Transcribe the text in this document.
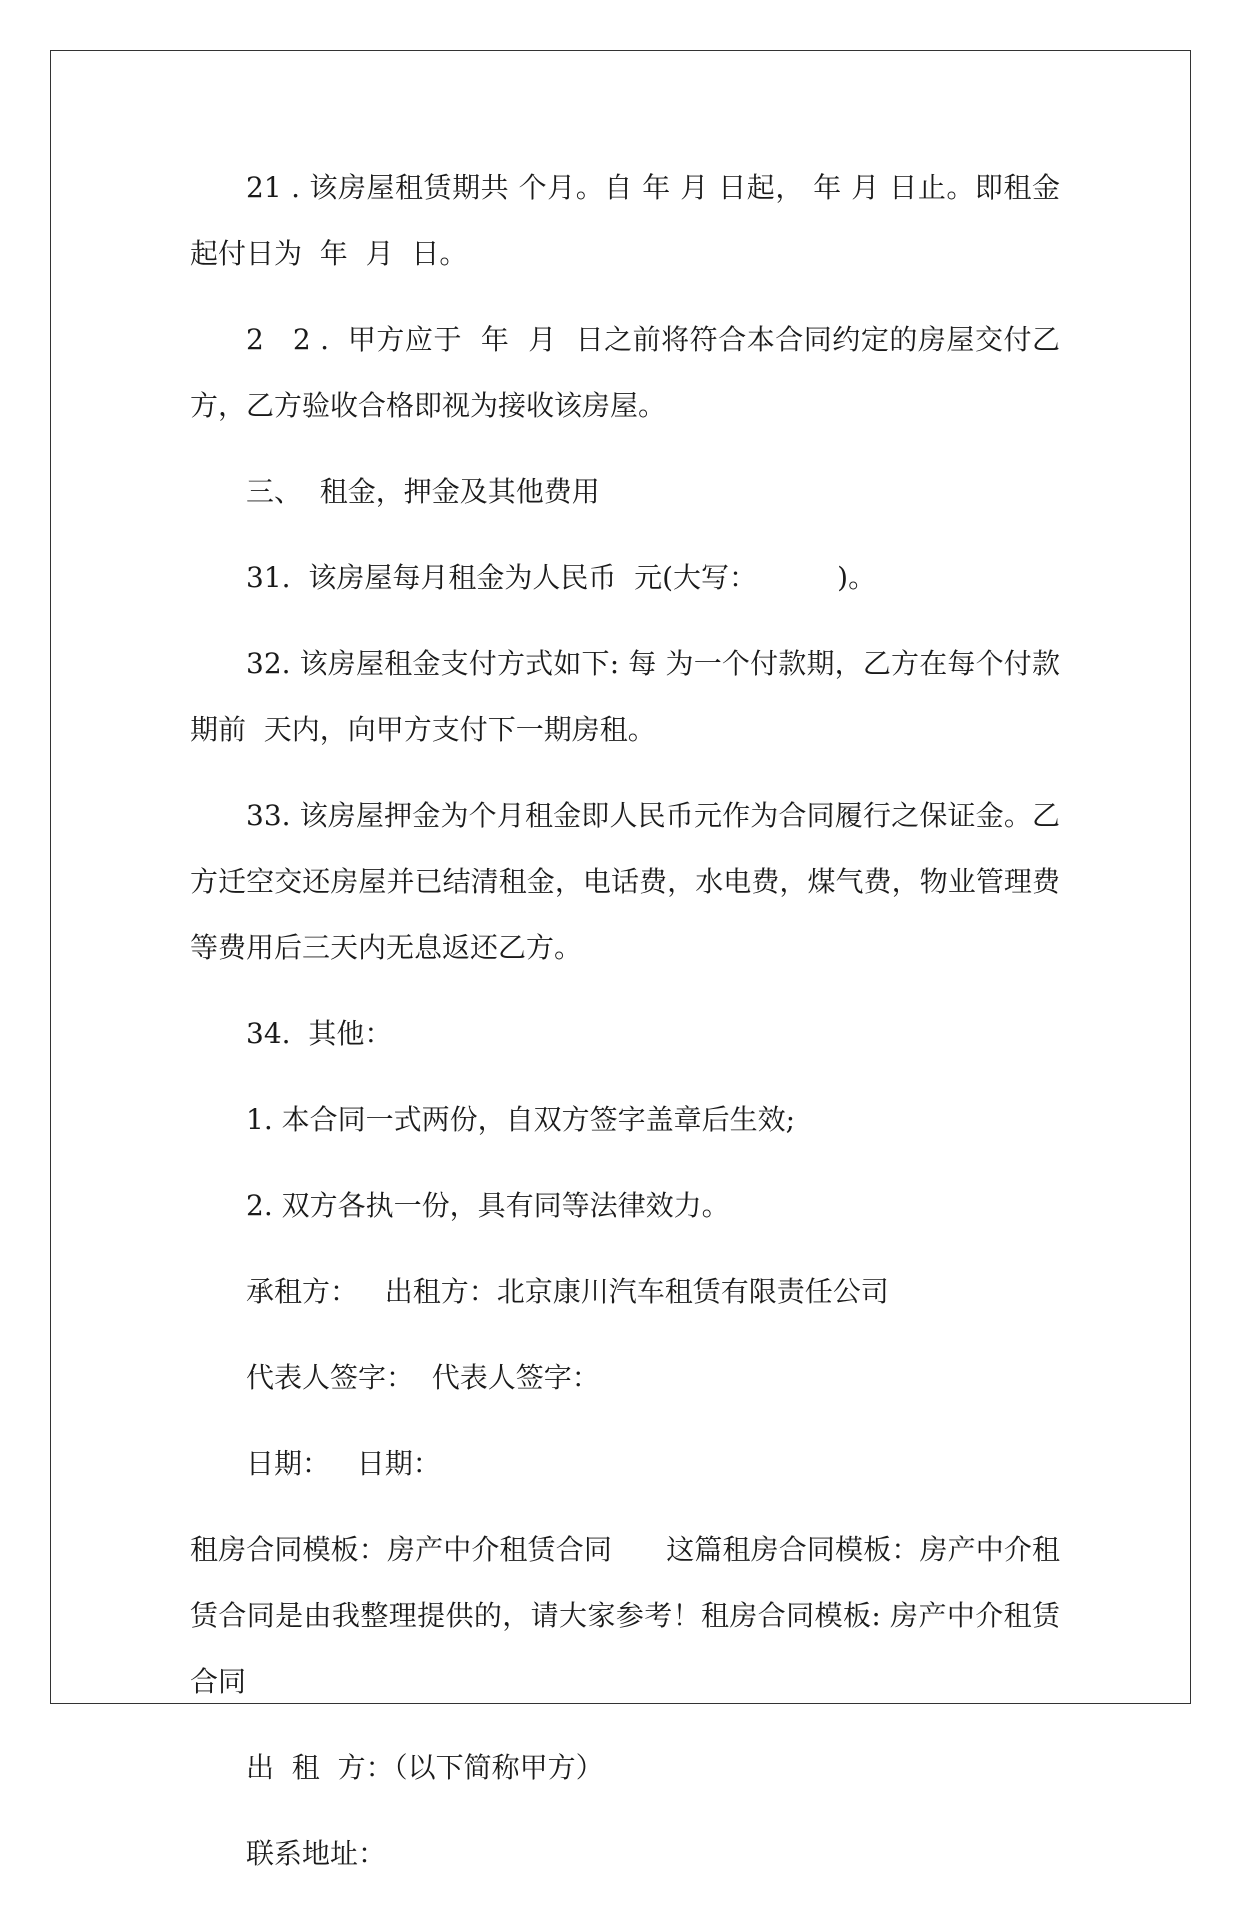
21 . 该房屋租赁期共 个月。自 年 月 日起， 年 月 日止。即租金起付日为  年  月  日。

2　2 .  甲方应于  年  月  日之前将符合本合同约定的房屋交付乙方，乙方验收合格即视为接收该房屋。

三、  租金，押金及其他费用

31.  该房屋每月租金为人民币  元(大写：         )。

32. 该房屋租金支付方式如下: 每 为一个付款期，乙方在每个付款期前  天内，向甲方支付下一期房租。

33. 该房屋押金为个月租金即人民币元作为合同履行之保证金。乙方迁空交还房屋并已结清租金，电话费，水电费，煤气费，物业管理费等费用后三天内无息返还乙方。

34.  其他：

1. 本合同一式两份，自双方签字盖章后生效;

2. 双方各执一份，具有同等法律效力。

承租方：   出租方：北京康川汽车租赁有限责任公司

代表人签字：  代表人签字：

日期：   日期：

租房合同模板：房产中介租赁合同      这篇租房合同模板：房产中介租赁合同是由我整理提供的，请大家参考！租房合同模板: 房产中介租赁合同

出  租  方：（以下简称甲方）

联系地址：
